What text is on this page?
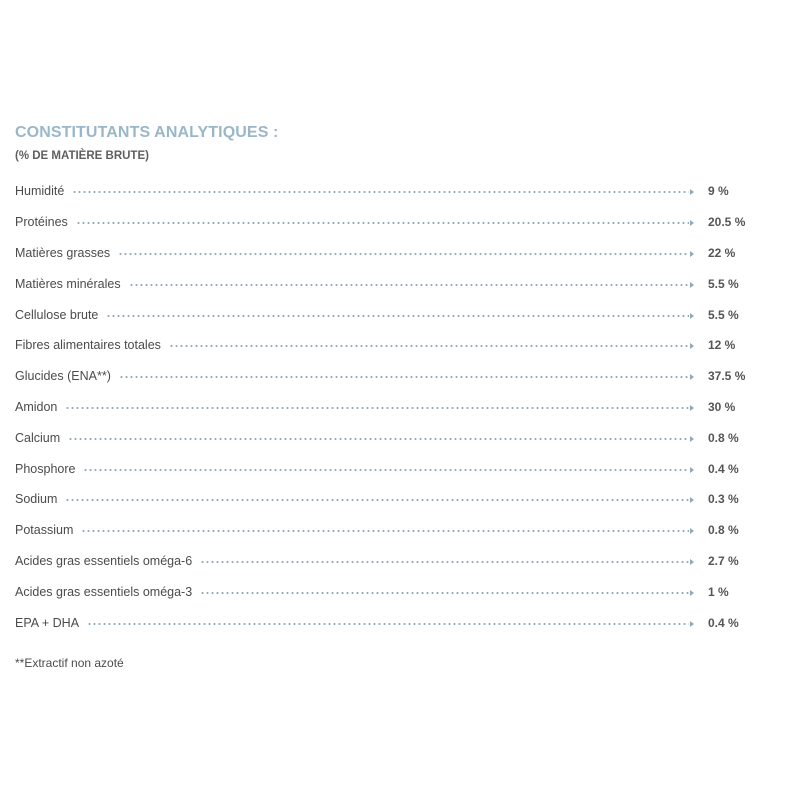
CONSTITUTANTS ANALYTIQUES :
(% DE MATIÈRE BRUTE)
Humidité	9 %
Protéines	20.5 %
Matières grasses	22 %
Matières minérales	5.5 %
Cellulose brute	5.5 %
Fibres alimentaires totales	12 %
Glucides (ENA**)	37.5 %
Amidon	30 %
Calcium	0.8 %
Phosphore	0.4 %
Sodium	0.3 %
Potassium	0.8 %
Acides gras essentiels oméga-6	2.7 %
Acides gras essentiels oméga-3	1 %
EPA + DHA	0.4 %

**Extractif non azoté
